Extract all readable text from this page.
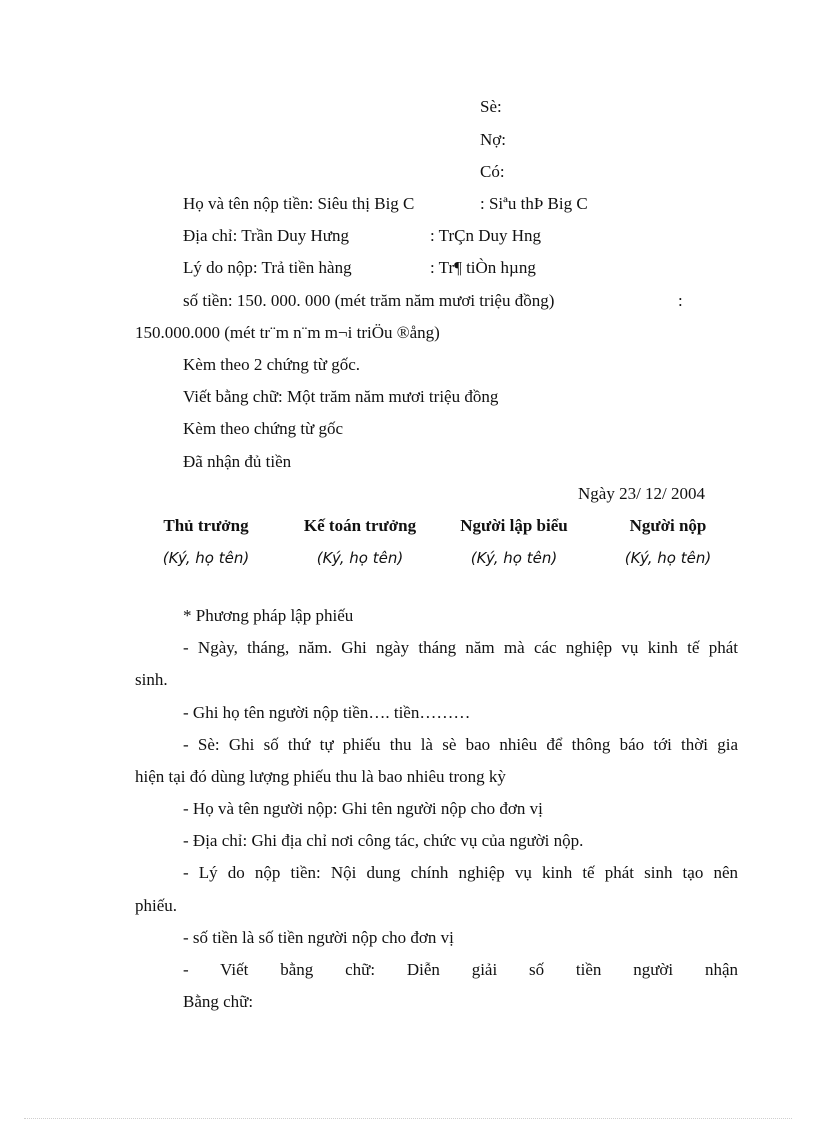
Sè:
Nợ:
Có:
Họ và tên nộp tiền: Siêu thị Big C	: Siªu thÞ Big C
Địa chỉ: Trần Duy Hưng	: TrÇn Duy Hng
Lý do nộp: Trả tiền hàng	: Tr¶ tiÒn hµng
số tiền: 150. 000. 000 (mét trăm năm mươi triệu đồng)	:
150.000.000 (mét tr¨m n¨m m¬i triÖu ®ång)
Kèm theo 2 chứng từ gốc.
Viết bằng chữ: Một trăm năm mươi triệu đồng
Kèm theo chứng từ gốc
Đã nhận đủ tiền
Ngày 23/ 12/ 2004
Thủ trưởng	Kế toán trưởng	Người lập biểu	Người nộp
(Ký, họ tên)	(Ký, họ tên)	(Ký, họ tên)	(Ký, họ tên)
* Phương pháp lập phiếu
- Ngày, tháng, năm. Ghi ngày tháng năm mà các nghiệp vụ kinh tế phát
sinh.
- Ghi họ tên người nộp tiền…. tiền………
- Sè: Ghi số thứ tự phiếu thu là sè bao nhiêu để thông báo tới thời gia
hiện tại đó dùng lượng phiếu thu là bao nhiêu trong kỳ
- Họ và tên người nộp: Ghi tên người nộp cho đơn vị
- Địa chỉ: Ghi địa chỉ nơi công tác, chức vụ của người nộp.
- Lý do nộp tiền: Nội dung chính nghiệp vụ kinh tế phát sinh tạo nên
phiếu.
- số tiền là số tiền người nộp cho đơn vị
- Viết bằng chữ: Diễn giải số tiền người nhận
Bằng chữ:
